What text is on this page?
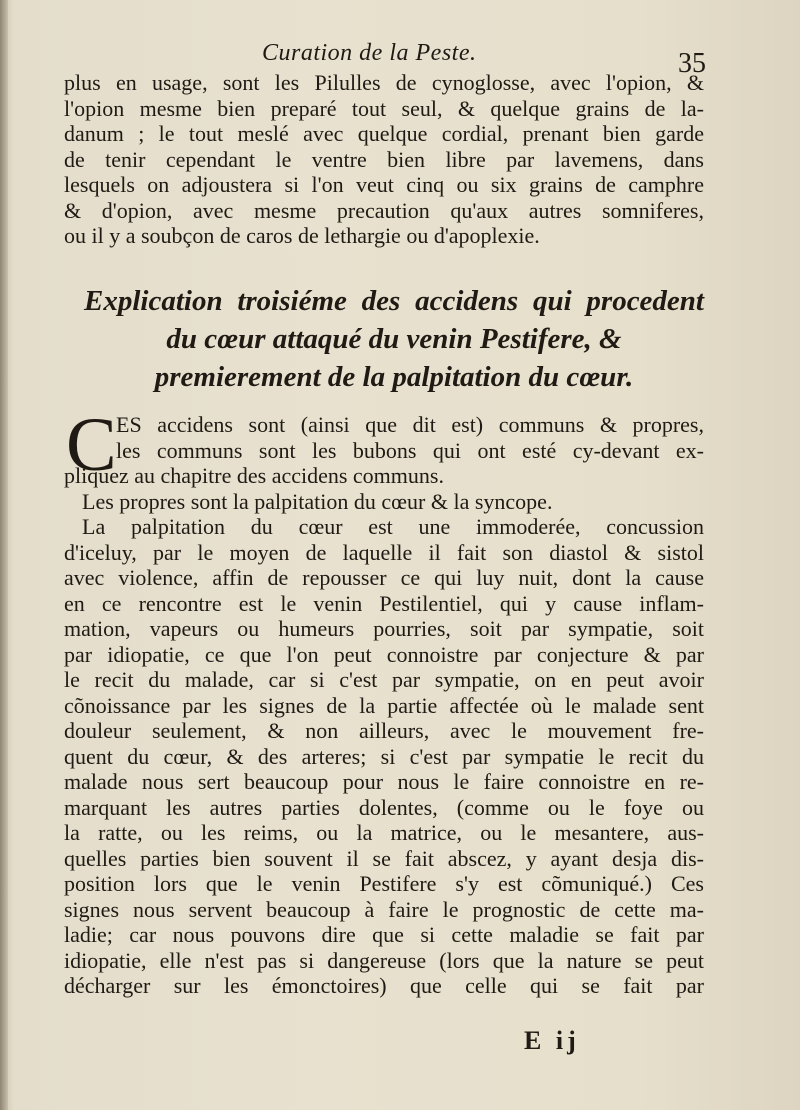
Curation de la Peste.	35
plus en usage, sont les Pilulles de cynoglosse, avec l'opion, &
l'opion mesme bien preparé tout seul, & quelque grains de la-
danum ; le tout meslé avec quelque cordial, prenant bien garde
de tenir cependant le ventre bien libre par lavemens, dans
lesquels on adjoustera si l'on veut cinq ou six grains de camphre
& d'opion, avec mesme precaution qu'aux autres somniferes,
ou il y a soubçon de caros de lethargie ou d'apoplexie.
Explication troisiéme des accidens qui procedent
du cœur attaqué du venin Pestifere, &
premierement de la palpitation du cœur.
C ES accidens sont (ainsi que dit est) communs & propres,
les communs sont les bubons qui ont esté cy-devant ex-
pliquez au chapitre des accidens communs.
Les propres sont la palpitation du cœur & la syncope.
La palpitation du cœur est une immoderée, concussion
d'iceluy, par le moyen de laquelle il fait son diastol & sistol
avec violence, affin de repousser ce qui luy nuit, dont la cause
en ce rencontre est le venin Pestilentiel, qui y cause inflam-
mation, vapeurs ou humeurs pourries, soit par sympatie, soit
par idiopatie, ce que l'on peut connoistre par conjecture & par
le recit du malade, car si c'est par sympatie, on en peut avoir
cõnoissance par les signes de la partie affectée où le malade sent
douleur seulement, & non ailleurs, avec le mouvement fre-
quent du cœur, & des arteres; si c'est par sympatie le recit du
malade nous sert beaucoup pour nous le faire connoistre en re-
marquant les autres parties dolentes, (comme ou le foye ou
la ratte, ou les reims, ou la matrice, ou le mesantere, aus-
quelles parties bien souvent il se fait abscez, y ayant desja dis-
position lors que le venin Pestifere s'y est cõmuniqué.) Ces
signes nous servent beaucoup à faire le prognostic de cette ma-
ladie; car nous pouvons dire que si cette maladie se fait par
idiopatie, elle n'est pas si dangereuse (lors que la nature se peut
décharger sur les émonctoires) que celle qui se fait par
E ij
